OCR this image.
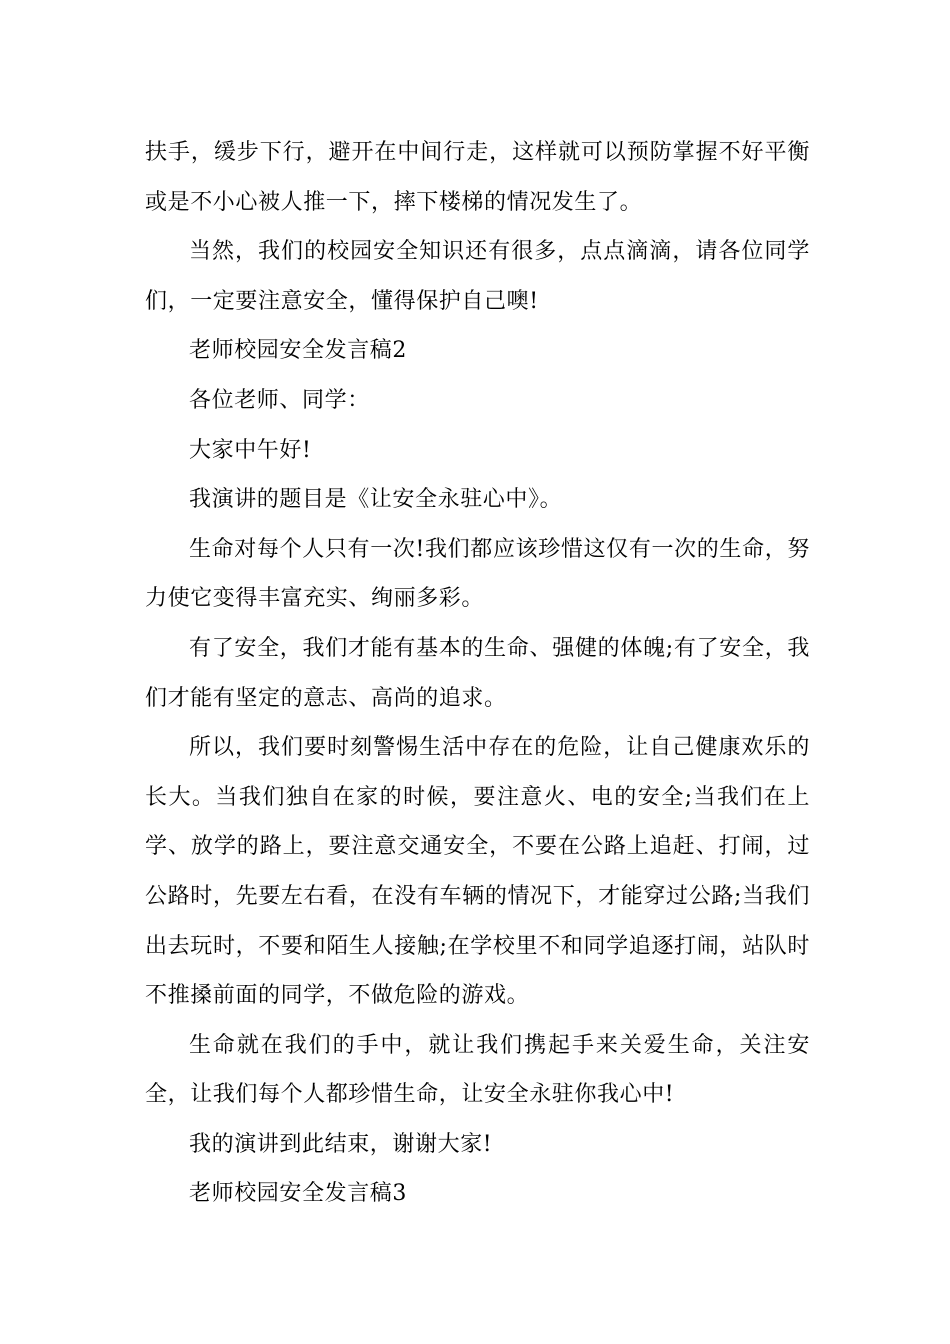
扶手，缓步下行，避开在中间行走，这样就可以预防掌握不好平衡或是不小心被人推一下，摔下楼梯的情况发生了。

当然，我们的校园安全知识还有很多，点点滴滴，请各位同学们，一定要注意安全，懂得保护自己噢!

老师校园安全发言稿2

各位老师、同学：

大家中午好!

我演讲的题目是《让安全永驻心中》。

生命对每个人只有一次!我们都应该珍惜这仅有一次的生命，努力使它变得丰富充实、绚丽多彩。

有了安全，我们才能有基本的生命、强健的体魄;有了安全，我们才能有坚定的意志、高尚的追求。

所以，我们要时刻警惕生活中存在的危险，让自己健康欢乐的长大。当我们独自在家的时候，要注意火、电的安全;当我们在上学、放学的路上，要注意交通安全，不要在公路上追赶、打闹，过公路时，先要左右看，在没有车辆的情况下，才能穿过公路;当我们出去玩时，不要和陌生人接触;在学校里不和同学追逐打闹，站队时不推搡前面的同学，不做危险的游戏。

生命就在我们的手中，就让我们携起手来关爱生命，关注安全，让我们每个人都珍惜生命，让安全永驻你我心中!

我的演讲到此结束，谢谢大家!

老师校园安全发言稿3
